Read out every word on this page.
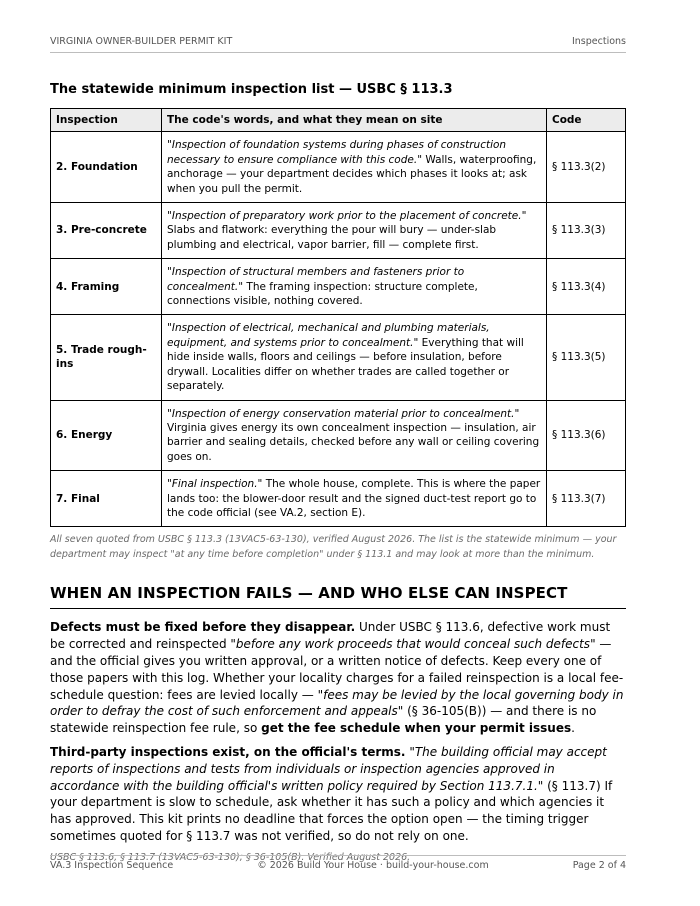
VIRGINIA OWNER-BUILDER PERMIT KIT	Inspections
The statewide minimum inspection list — USBC § 113.3
Inspection	The code's words, and what they mean on site	Code
2. Foundation	"Inspection of foundation systems during phases of construction necessary to ensure compliance with this code." Walls, waterproofing, anchorage — your department decides which phases it looks at; ask when you pull the permit.	§ 113.3(2)
3. Pre-concrete	"Inspection of preparatory work prior to the placement of concrete." Slabs and flatwork: everything the pour will bury — under-slab plumbing and electrical, vapor barrier, fill — complete first.	§ 113.3(3)
4. Framing	"Inspection of structural members and fasteners prior to concealment." The framing inspection: structure complete, connections visible, nothing covered.	§ 113.3(4)
5. Trade rough-ins	"Inspection of electrical, mechanical and plumbing materials, equipment, and systems prior to concealment." Everything that will hide inside walls, floors and ceilings — before insulation, before drywall. Localities differ on whether trades are called together or separately.	§ 113.3(5)
6. Energy	"Inspection of energy conservation material prior to concealment." Virginia gives energy its own concealment inspection — insulation, air barrier and sealing details, checked before any wall or ceiling covering goes on.	§ 113.3(6)
7. Final	"Final inspection." The whole house, complete. This is where the paper lands too: the blower-door result and the signed duct-test report go to the code official (see VA.2, section E).	§ 113.3(7)

All seven quoted from USBC § 113.3 (13VAC5-63-130), verified August 2026. The list is the statewide minimum — your department may inspect "at any time before completion" under § 113.1 and may look at more than the minimum.

WHEN AN INSPECTION FAILS — AND WHO ELSE CAN INSPECT

Defects must be fixed before they disappear. Under USBC § 113.6, defective work must be corrected and reinspected "before any work proceeds that would conceal such defects" — and the official gives you written approval, or a written notice of defects. Keep every one of those papers with this log. Whether your locality charges for a failed reinspection is a local fee-schedule question: fees are levied locally — "fees may be levied by the local governing body in order to defray the cost of such enforcement and appeals" (§ 36-105(B)) — and there is no statewide reinspection fee rule, so get the fee schedule when your permit issues.

Third-party inspections exist, on the official's terms. "The building official may accept reports of inspections and tests from individuals or inspection agencies approved in accordance with the building official's written policy required by Section 113.7.1." (§ 113.7) If your department is slow to schedule, ask whether it has such a policy and which agencies it has approved. This kit prints no deadline that forces the option open — the timing trigger sometimes quoted for § 113.7 was not verified, so do not rely on one.

USBC § 113.6, § 113.7 (13VAC5-63-130); § 36-105(B). Verified August 2026.

VA.3 Inspection Sequence	© 2026 Build Your House · build-your-house.com	Page 2 of 4
